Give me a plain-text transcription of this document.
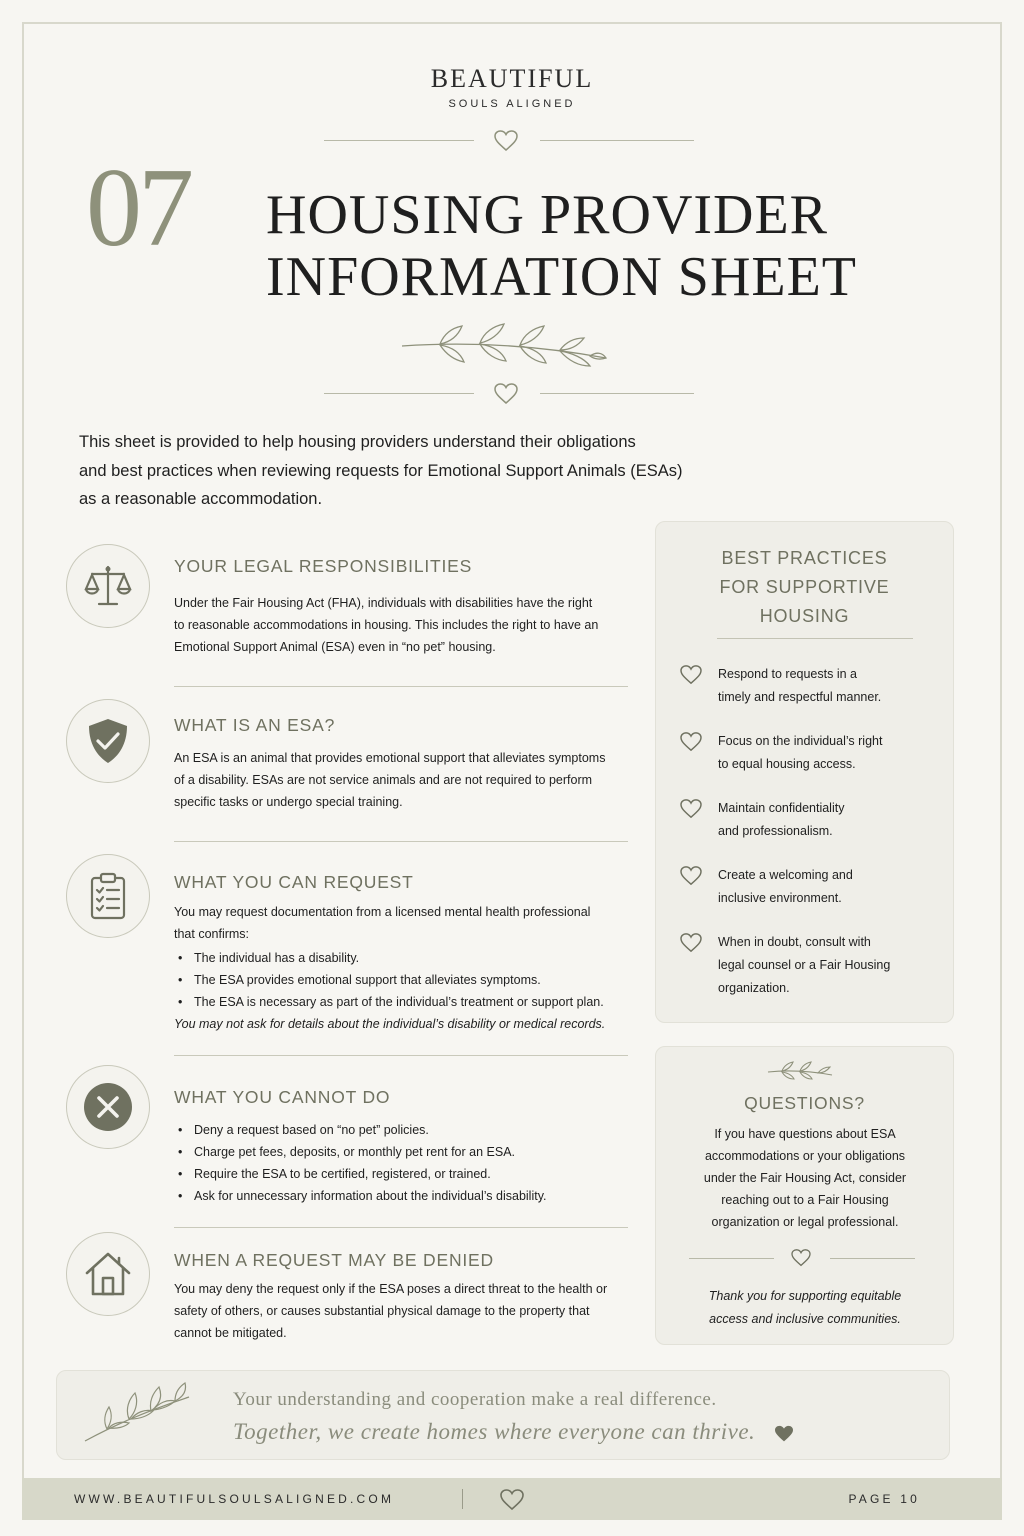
BEAUTIFUL
SOULS ALIGNED
07 HOUSING PROVIDER
INFORMATION SHEET
This sheet is provided to help housing providers understand their obligations
and best practices when reviewing requests for Emotional Support Animals (ESAs)
as a reasonable accommodation.
YOUR LEGAL RESPONSIBILITIES
Under the Fair Housing Act (FHA), individuals with disabilities have the right
to reasonable accommodations in housing. This includes the right to have an
Emotional Support Animal (ESA) even in “no pet” housing.
WHAT IS AN ESA?
An ESA is an animal that provides emotional support that alleviates symptoms
of a disability. ESAs are not service animals and are not required to perform
specific tasks or undergo special training.
WHAT YOU CAN REQUEST
You may request documentation from a licensed mental health professional
that confirms:
• The individual has a disability.
• The ESA provides emotional support that alleviates symptoms.
• The ESA is necessary as part of the individual’s treatment or support plan.
You may not ask for details about the individual’s disability or medical records.
WHAT YOU CANNOT DO
• Deny a request based on “no pet” policies.
• Charge pet fees, deposits, or monthly pet rent for an ESA.
• Require the ESA to be certified, registered, or trained.
• Ask for unnecessary information about the individual’s disability.
WHEN A REQUEST MAY BE DENIED
You may deny the request only if the ESA poses a direct threat to the health or
safety of others, or causes substantial physical damage to the property that
cannot be mitigated.
BEST PRACTICES
FOR SUPPORTIVE
HOUSING
Respond to requests in a
timely and respectful manner.
Focus on the individual’s right
to equal housing access.
Maintain confidentiality
and professionalism.
Create a welcoming and
inclusive environment.
When in doubt, consult with
legal counsel or a Fair Housing
organization.
QUESTIONS?
If you have questions about ESA
accommodations or your obligations
under the Fair Housing Act, consider
reaching out to a Fair Housing
organization or legal professional.
Thank you for supporting equitable
access and inclusive communities.
Your understanding and cooperation make a real difference.
Together, we create homes where everyone can thrive.
WWW.BEAUTIFULSOULSALIGNED.COM	PAGE 10
